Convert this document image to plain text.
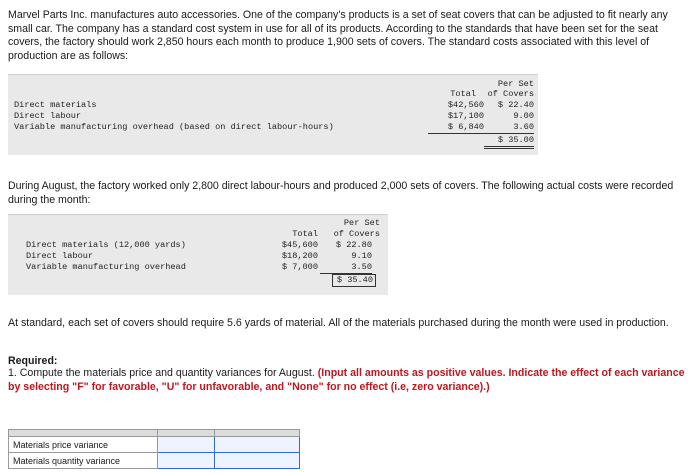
Marvel Parts Inc. manufactures auto accessories. One of the company's products is a set of seat covers that can be adjusted to fit nearly any small car. The company has a standard cost system in use for all of its products. According to the standards that have been set for the seat covers, the factory should work 2,850 hours each month to produce 1,900 sets of covers. The standard costs associated with this level of production are as follows:

Per Set
Total	of Covers
Direct materials	$42,560	$ 22.40
Direct labour	$17,100	9.00
Variable manufacturing overhead (based on direct labour-hours)	$ 6,840	3.60
$ 35.00

During August, the factory worked only 2,800 direct labour-hours and produced 2,000 sets of covers. The following actual costs were recorded during the month:

Per Set
Total	of Covers
Direct materials (12,000 yards)	$45,600	$ 22.80
Direct labour	$18,200	9.10
Variable manufacturing overhead	$ 7,000	3.50
$ 35.40

At standard, each set of covers should require 5.6 yards of material. All of the materials purchased during the month were used in production.

Required:

1. Compute the materials price and quantity variances for August. (Input all amounts as positive values. Indicate the effect of each variance by selecting "F" for favorable, "U" for unfavorable, and "None" for no effect (i.e, zero variance).)

Materials price variance		
Materials quantity variance		
